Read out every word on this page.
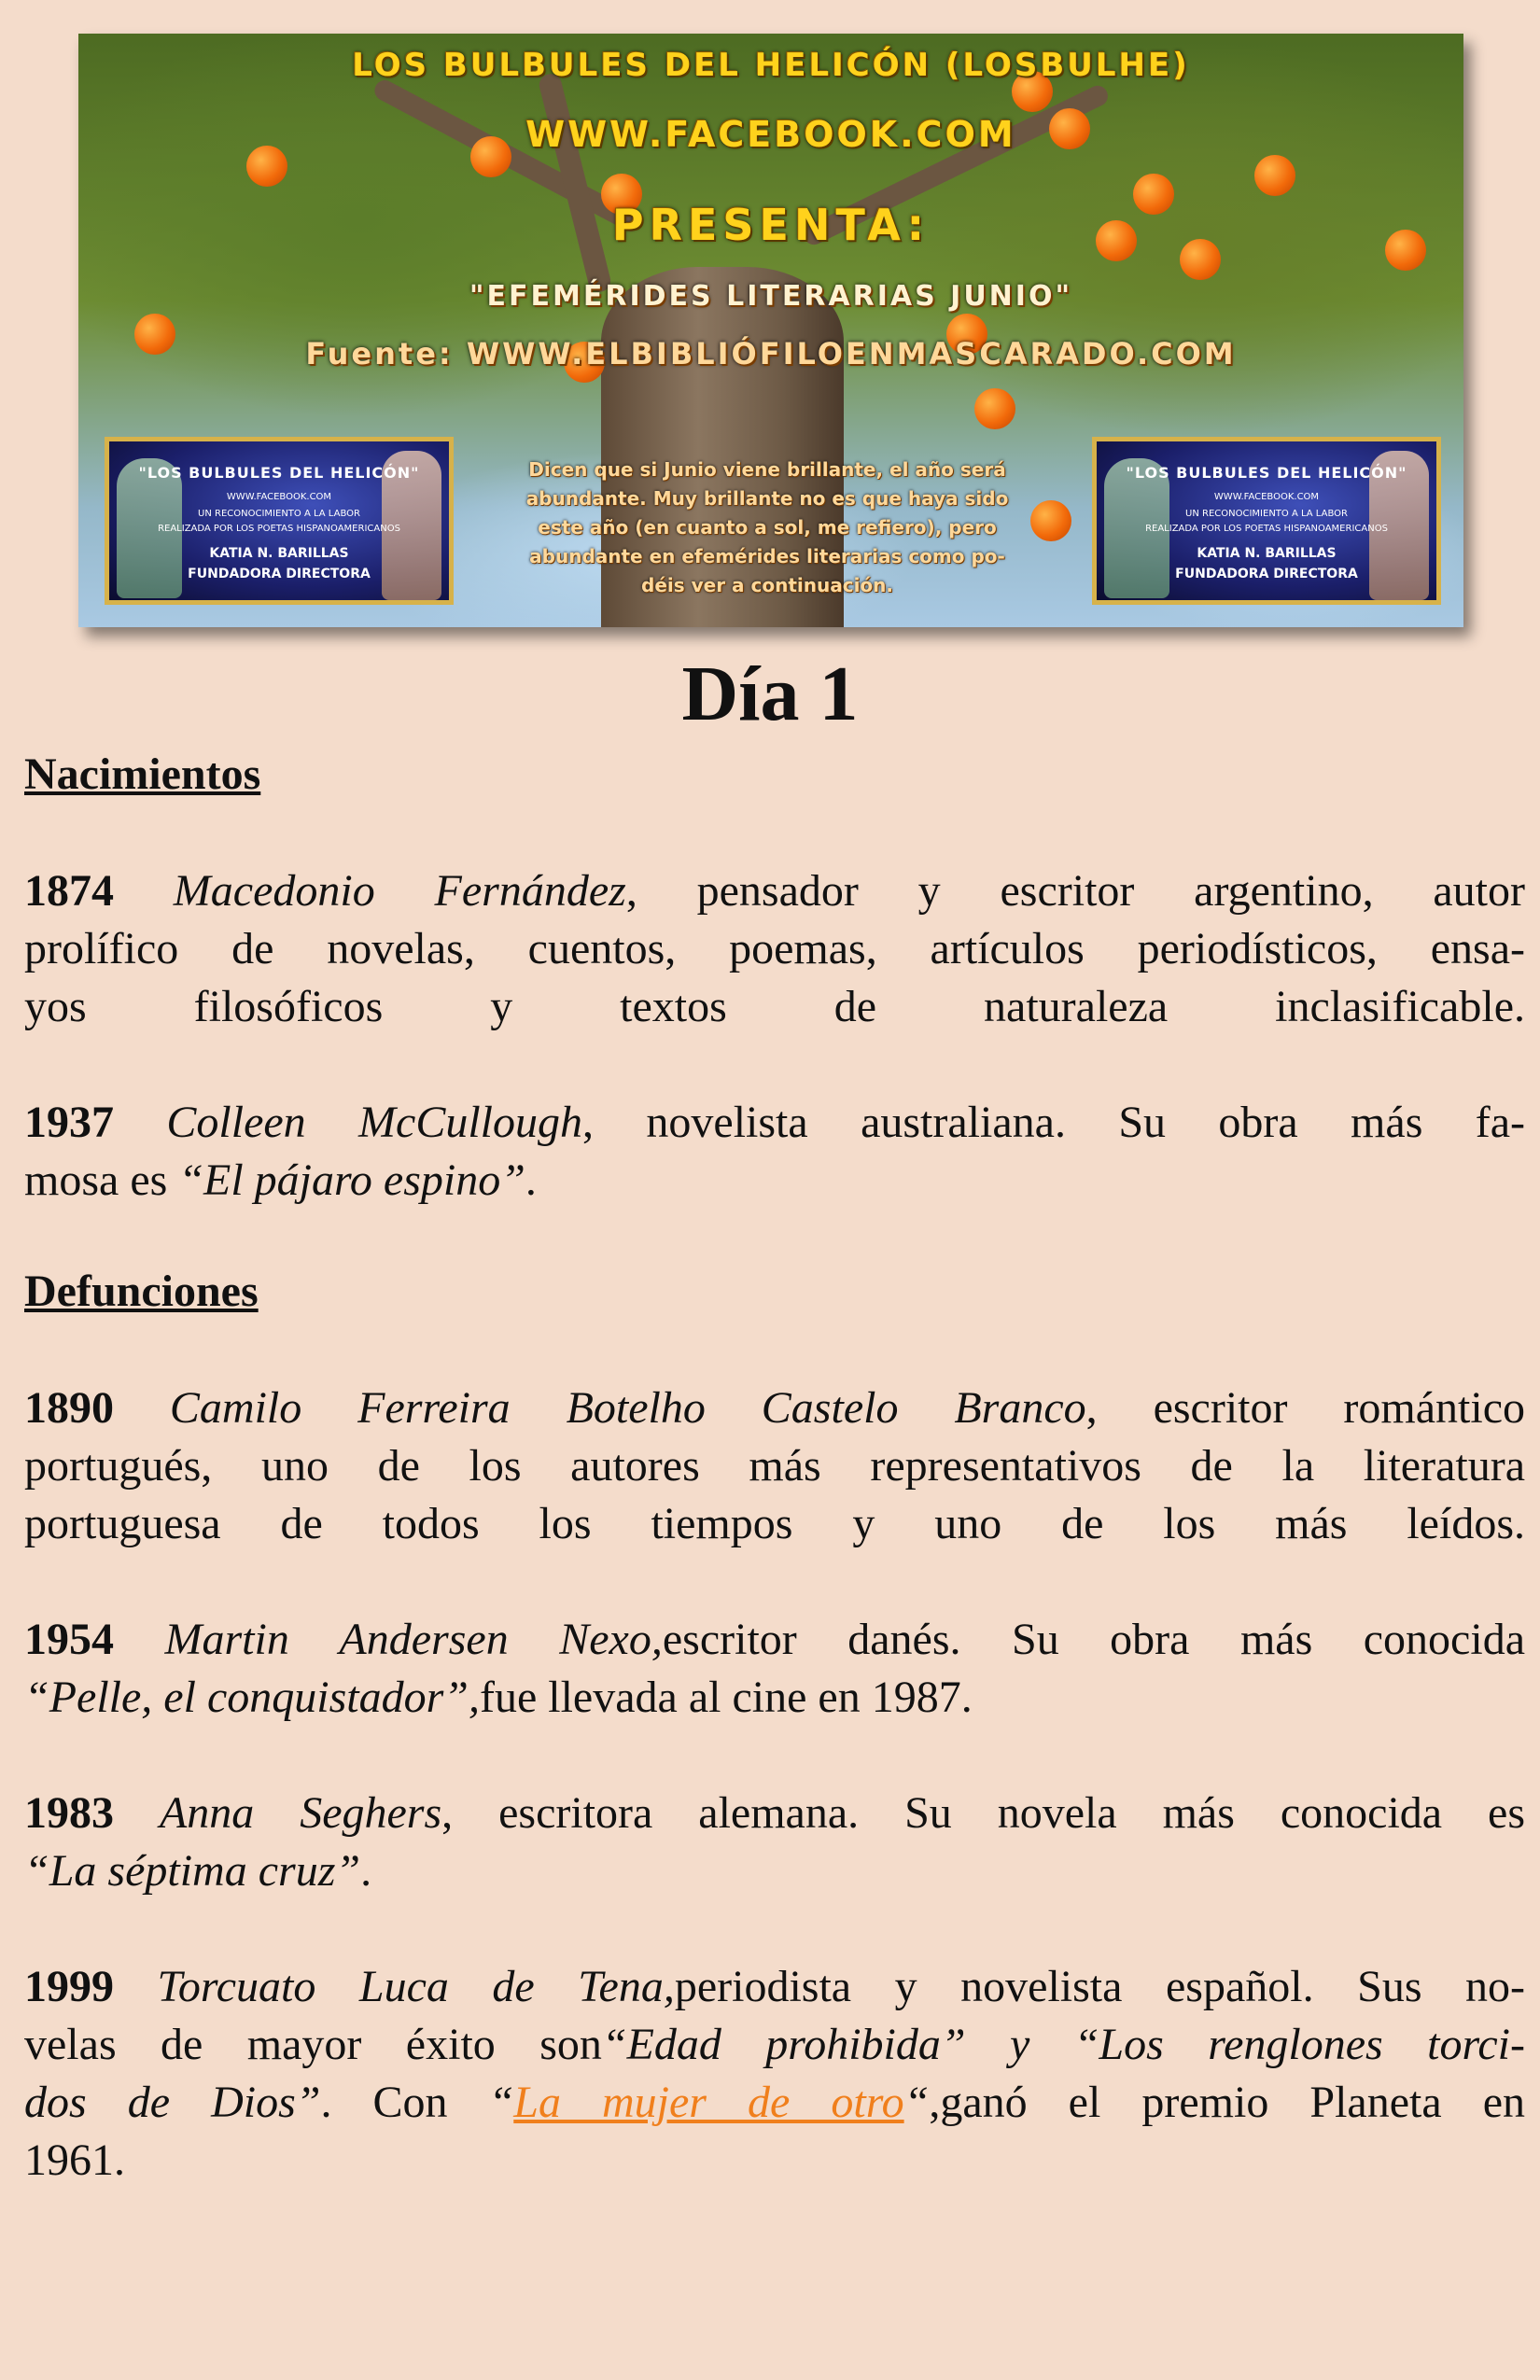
LOS BULBULES DEL HELICÓN (LOSBULHE)
WWW.FACEBOOK.COM
PRESENTA:
"EFEMÉRIDES LITERARIAS JUNIO"
Fuente: WWW.ELBIBLIÓFILOENMASCARADO.COM
"LOS BULBULES DEL HELICÓN"
WWW.FACEBOOK.COM
UN RECONOCIMIENTO A LA LABOR
REALIZADA POR LOS POETAS HISPANOAMERICANOS
KATIA N. BARILLAS
FUNDADORA DIRECTORA
Dicen que si Junio viene brillante, el año será
abundante. Muy brillante no es que haya sido
este año (en cuanto a sol, me refiero), pero
abundante en efemérides literarias como po-
déis ver a continuación.
"LOS BULBULES DEL HELICÓN"
WWW.FACEBOOK.COM
UN RECONOCIMIENTO A LA LABOR
REALIZADA POR LOS POETAS HISPANOAMERICANOS
KATIA N. BARILLAS
FUNDADORA DIRECTORA
Día 1
Nacimientos
1874 Macedonio Fernández, pensador y escritor argentino, autor
prolífico de novelas, cuentos, poemas, artículos periodísticos, ensa-
yos filosóficos y textos de naturaleza inclasificable.
1937 Colleen McCullough, novelista australiana. Su obra más fa-
mosa es “El pájaro espino”.
Defunciones
1890 Camilo Ferreira Botelho Castelo Branco, escritor romántico
portugués, uno de los autores más representativos de la literatura
portuguesa de todos los tiempos y uno de los más leídos.
1954 Martin Andersen Nexo,escritor danés. Su obra más conocida
“Pelle, el conquistador”,fue llevada al cine en 1987.
1983 Anna Seghers, escritora alemana. Su novela más conocida es
“La séptima cruz”.
1999 Torcuato Luca de Tena,periodista y novelista español. Sus no-
velas de mayor éxito son“Edad prohibida” y “Los renglones torci-
dos de Dios”. Con “La mujer de otro“,ganó el premio Planeta en
1961.
